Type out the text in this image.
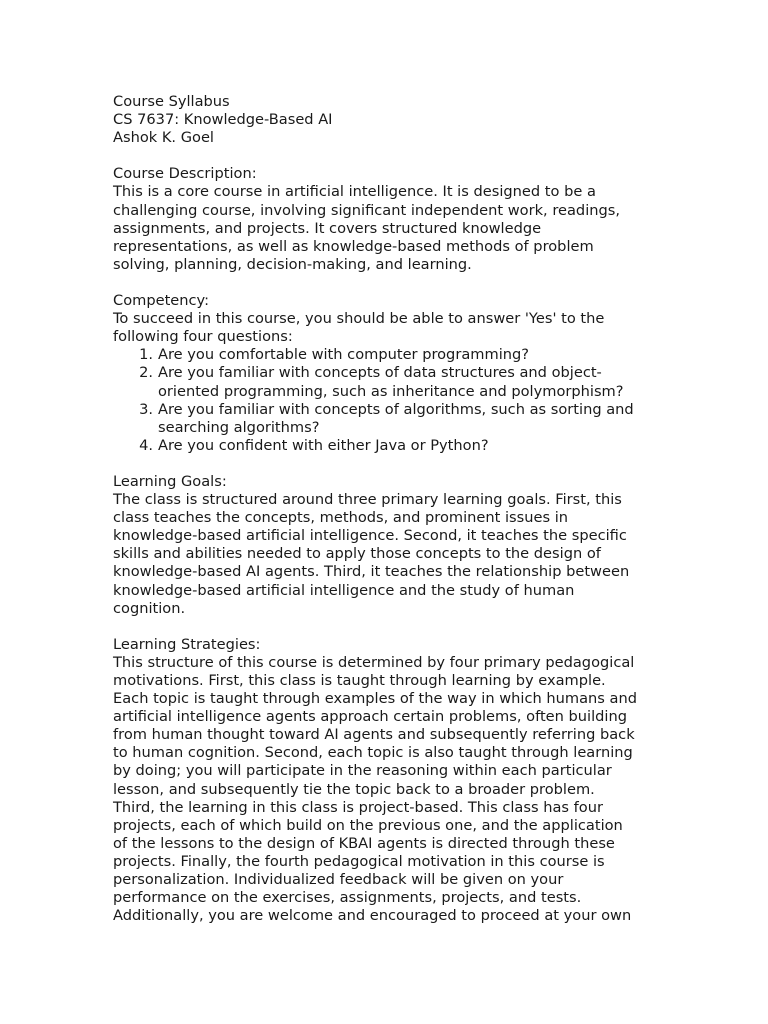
Course Syllabus
CS 7637: Knowledge-Based AI
Ashok K. Goel
Course Description:
This is a core course in artificial intelligence. It is designed to be a
challenging course, involving significant independent work, readings,
assignments, and projects. It covers structured knowledge
representations, as well as knowledge-based methods of problem
solving, planning, decision-making, and learning.
Competency:
To succeed in this course, you should be able to answer 'Yes' to the
following four questions:
1. Are you comfortable with computer programming?
2. Are you familiar with concepts of data structures and object-
oriented programming, such as inheritance and polymorphism?
3. Are you familiar with concepts of algorithms, such as sorting and
searching algorithms?
4. Are you confident with either Java or Python?
Learning Goals:
The class is structured around three primary learning goals. First, this
class teaches the concepts, methods, and prominent issues in
knowledge-based artificial intelligence. Second, it teaches the specific
skills and abilities needed to apply those concepts to the design of
knowledge-based AI agents. Third, it teaches the relationship between
knowledge-based artificial intelligence and the study of human
cognition.
Learning Strategies:
This structure of this course is determined by four primary pedagogical
motivations. First, this class is taught through learning by example.
Each topic is taught through examples of the way in which humans and
artificial intelligence agents approach certain problems, often building
from human thought toward AI agents and subsequently referring back
to human cognition. Second, each topic is also taught through learning
by doing; you will participate in the reasoning within each particular
lesson, and subsequently tie the topic back to a broader problem.
Third, the learning in this class is project-based. This class has four
projects, each of which build on the previous one, and the application
of the lessons to the design of KBAI agents is directed through these
projects. Finally, the fourth pedagogical motivation in this course is
personalization. Individualized feedback will be given on your
performance on the exercises, assignments, projects, and tests.
Additionally, you are welcome and encouraged to proceed at your own
